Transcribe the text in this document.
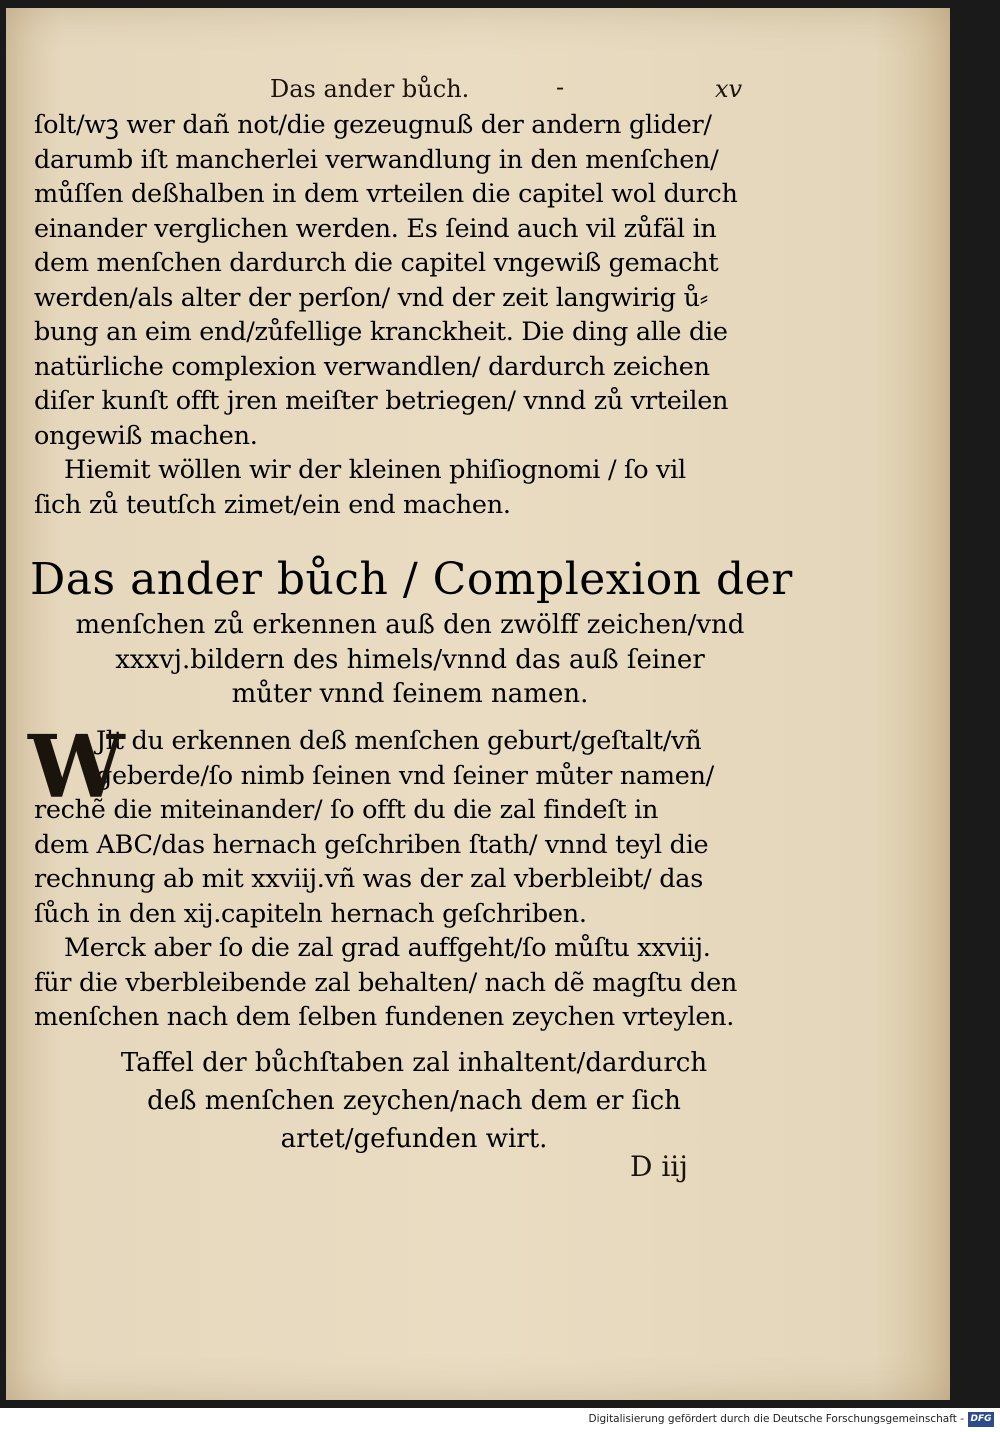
Das ander bůch.	-	xv
ſolt/wꝫ wer dañ not/die gezeugnuß der andern glider/
darumb iſt mancherlei verwandlung in den menſchen/
můſſen deßhalben in dem vrteilen die capitel wol durch
einander verglichen werden. Es ſeind auch vil zůfäl in
dem menſchen dardurch die capitel vngewiß gemacht
werden/als alter der perſon/ vnd der zeit langwirig ů⸗
bung an eim end/zůfellige kranckheit. Die ding alle die
natürliche complexion verwandlen/ dardurch zeichen
diſer kunſt offt jren meiſter betriegen/ vnnd zů vrteilen
ongewiß machen.
Hiemit wöllen wir der kleinen phiſiognomi / ſo vil
ſich zů teutſch zimet/ein end machen.
Das ander bůch / Complexion der
menſchen zů erkennen auß den zwölff zeichen/vnd
xxxvj.bildern des himels/vnnd das auß ſeiner
můter vnnd ſeinem namen.
W
Jlt du erkennen deß menſchen geburt/geſtalt/vñ
geberde/ſo nimb ſeinen vnd ſeiner můter namen/
rechẽ die miteinander/ ſo offt du die zal findeſt in
dem ABC/das hernach geſchriben ſtath/ vnnd teyl die
rechnung ab mit xxviij.vñ was der zal vberbleibt/ das
ſůch in den xij.capiteln hernach geſchriben.
Merck aber ſo die zal grad auffgeht/ſo můſtu xxviij.
für die vberbleibende zal behalten/ nach dẽ magſtu den
menſchen nach dem ſelben fundenen zeychen vrteylen.
Taffel der bůchſtaben zal inhaltent/dardurch
deß menſchen zeychen/nach dem er ſich
artet/gefunden wirt.
D iij
Digitalisierung gefördert durch die Deutsche Forschungsgemeinschaft - DFG
